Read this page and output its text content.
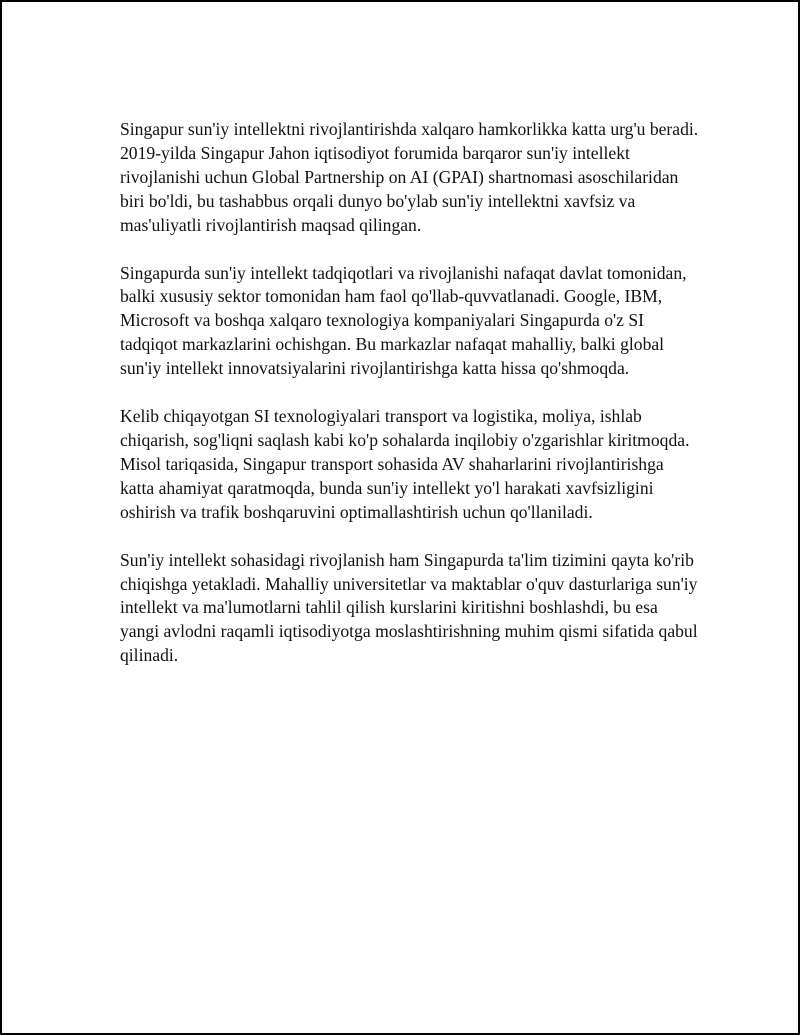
Singapur sun'iy intellektni rivojlantirishda xalqaro hamkorlikka katta urg'u beradi. 2019-yilda Singapur Jahon iqtisodiyot forumida barqaror sun'iy intellekt rivojlanishi uchun Global Partnership on AI (GPAI) shartnomasi asoschilaridan biri bo'ldi, bu tashabbus orqali dunyo bo'ylab sun'iy intellektni xavfsiz va mas'uliyatli rivojlantirish maqsad qilingan.

Singapurda sun'iy intellekt tadqiqotlari va rivojlanishi nafaqat davlat tomonidan, balki xususiy sektor tomonidan ham faol qo'llab-quvvatlanadi. Google, IBM, Microsoft va boshqa xalqaro texnologiya kompaniyalari Singapurda o'z SI tadqiqot markazlarini ochishgan. Bu markazlar nafaqat mahalliy, balki global sun'iy intellekt innovatsiyalarini rivojlantirishga katta hissa qo'shmoqda.

Kelib chiqayotgan SI texnologiyalari transport va logistika, moliya, ishlab chiqarish, sog'liqni saqlash kabi ko'p sohalarda inqilobiy o'zgarishlar kiritmoqda. Misol tariqasida, Singapur transport sohasida AV shaharlarini rivojlantirishga katta ahamiyat qaratmoqda, bunda sun'iy intellekt yo'l harakati xavfsizligini oshirish va trafik boshqaruvini optimallashtirish uchun qo'llaniladi.

Sun'iy intellekt sohasidagi rivojlanish ham Singapurda ta'lim tizimini qayta ko'rib chiqishga yetakladi. Mahalliy universitetlar va maktablar o'quv dasturlariga sun'iy intellekt va ma'lumotlarni tahlil qilish kurslarini kiritishni boshlashdi, bu esa yangi avlodni raqamli iqtisodiyotga moslashtirishning muhim qismi sifatida qabul qilinadi.
